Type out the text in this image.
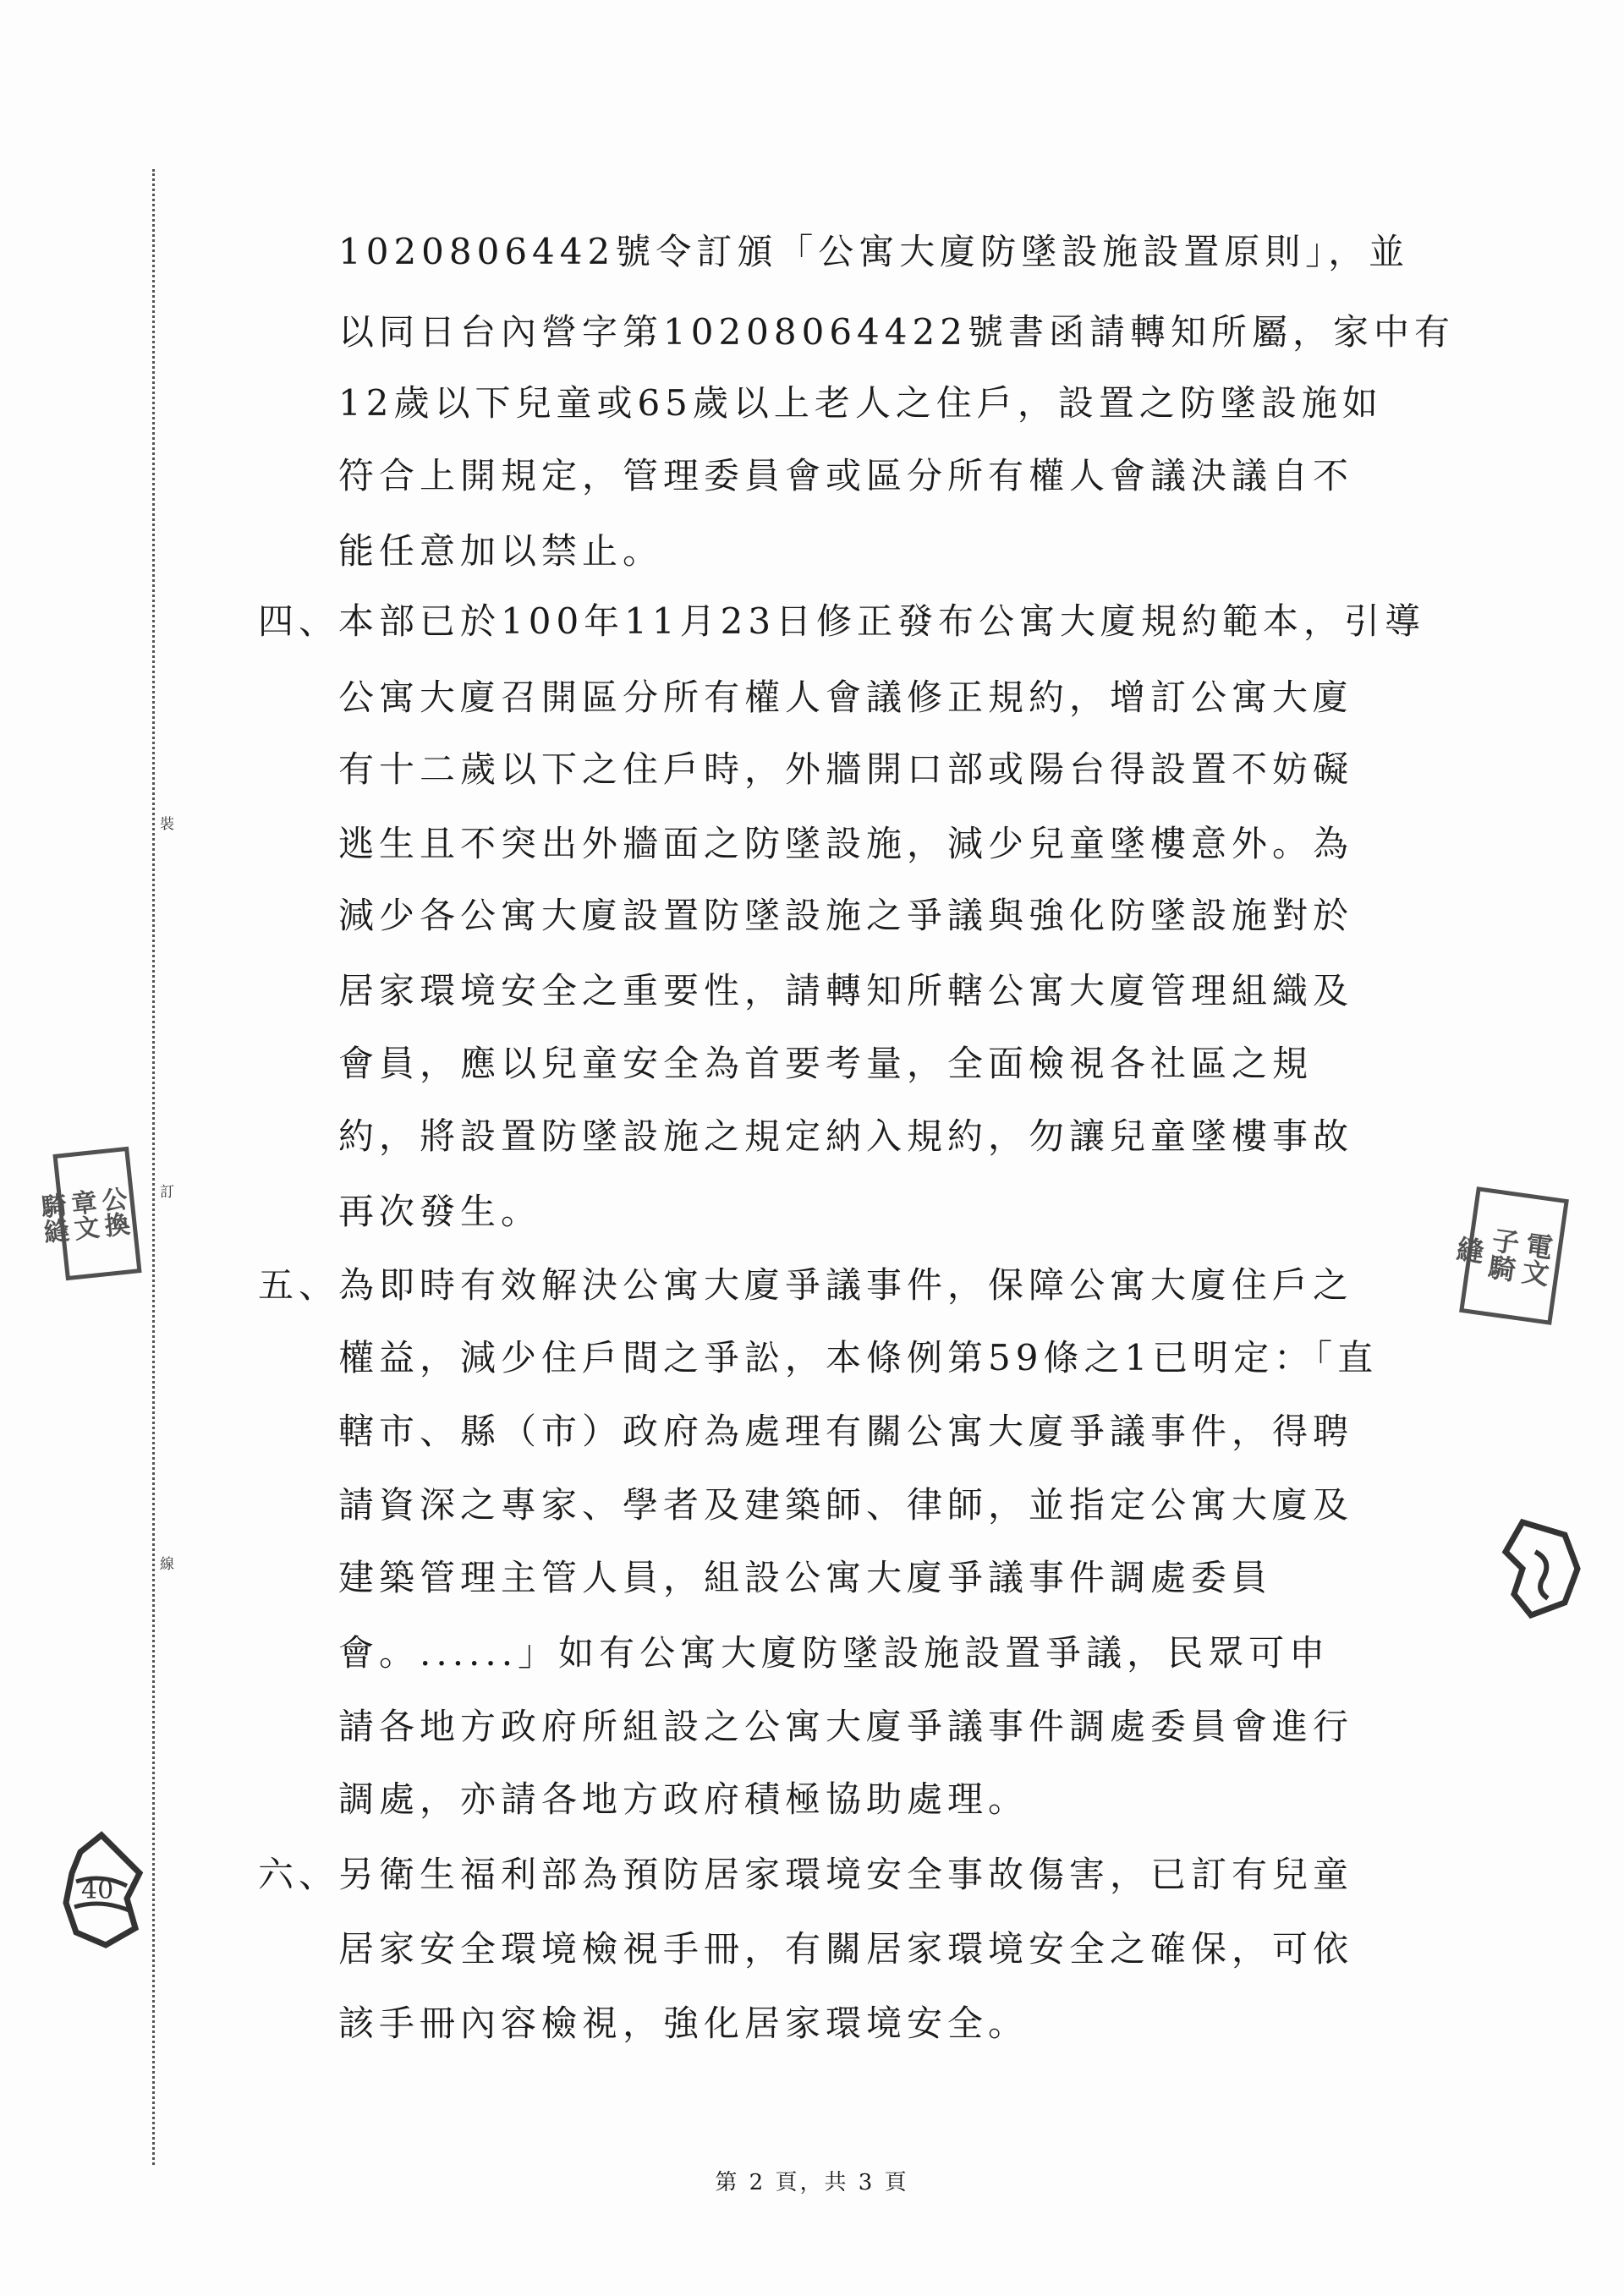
裝
訂
線
1020806442號令訂頒「公寓大廈防墜設施設置原則」，並
以同日台內營字第10208064422號書函請轉知所屬，家中有
12歲以下兒童或65歲以上老人之住戶，設置之防墜設施如
符合上開規定，管理委員會或區分所有權人會議決議自不
能任意加以禁止。
四、
本部已於100年11月23日修正發布公寓大廈規約範本，引導
公寓大廈召開區分所有權人會議修正規約，增訂公寓大廈
有十二歲以下之住戶時，外牆開口部或陽台得設置不妨礙
逃生且不突出外牆面之防墜設施，減少兒童墜樓意外。為
減少各公寓大廈設置防墜設施之爭議與強化防墜設施對於
居家環境安全之重要性，請轉知所轄公寓大廈管理組織及
會員，應以兒童安全為首要考量，全面檢視各社區之規
約，將設置防墜設施之規定納入規約，勿讓兒童墜樓事故
再次發生。
五、
為即時有效解決公寓大廈爭議事件，保障公寓大廈住戶之
權益，減少住戶間之爭訟，本條例第59條之1已明定：「直
轄市、縣（市）政府為處理有關公寓大廈爭議事件，得聘
請資深之專家、學者及建築師、律師，並指定公寓大廈及
建築管理主管人員，組設公寓大廈爭議事件調處委員
會。......」如有公寓大廈防墜設施設置爭議，民眾可申
請各地方政府所組設之公寓大廈爭議事件調處委員會進行
調處，亦請各地方政府積極協助處理。
六、
另衛生福利部為預防居家環境安全事故傷害，已訂有兒童
居家安全環境檢視手冊，有關居家環境安全之確保，可依
該手冊內容檢視，強化居家環境安全。
公換
章文
騎縫
電文
子騎
縫
40
第 2 頁，共 3 頁
